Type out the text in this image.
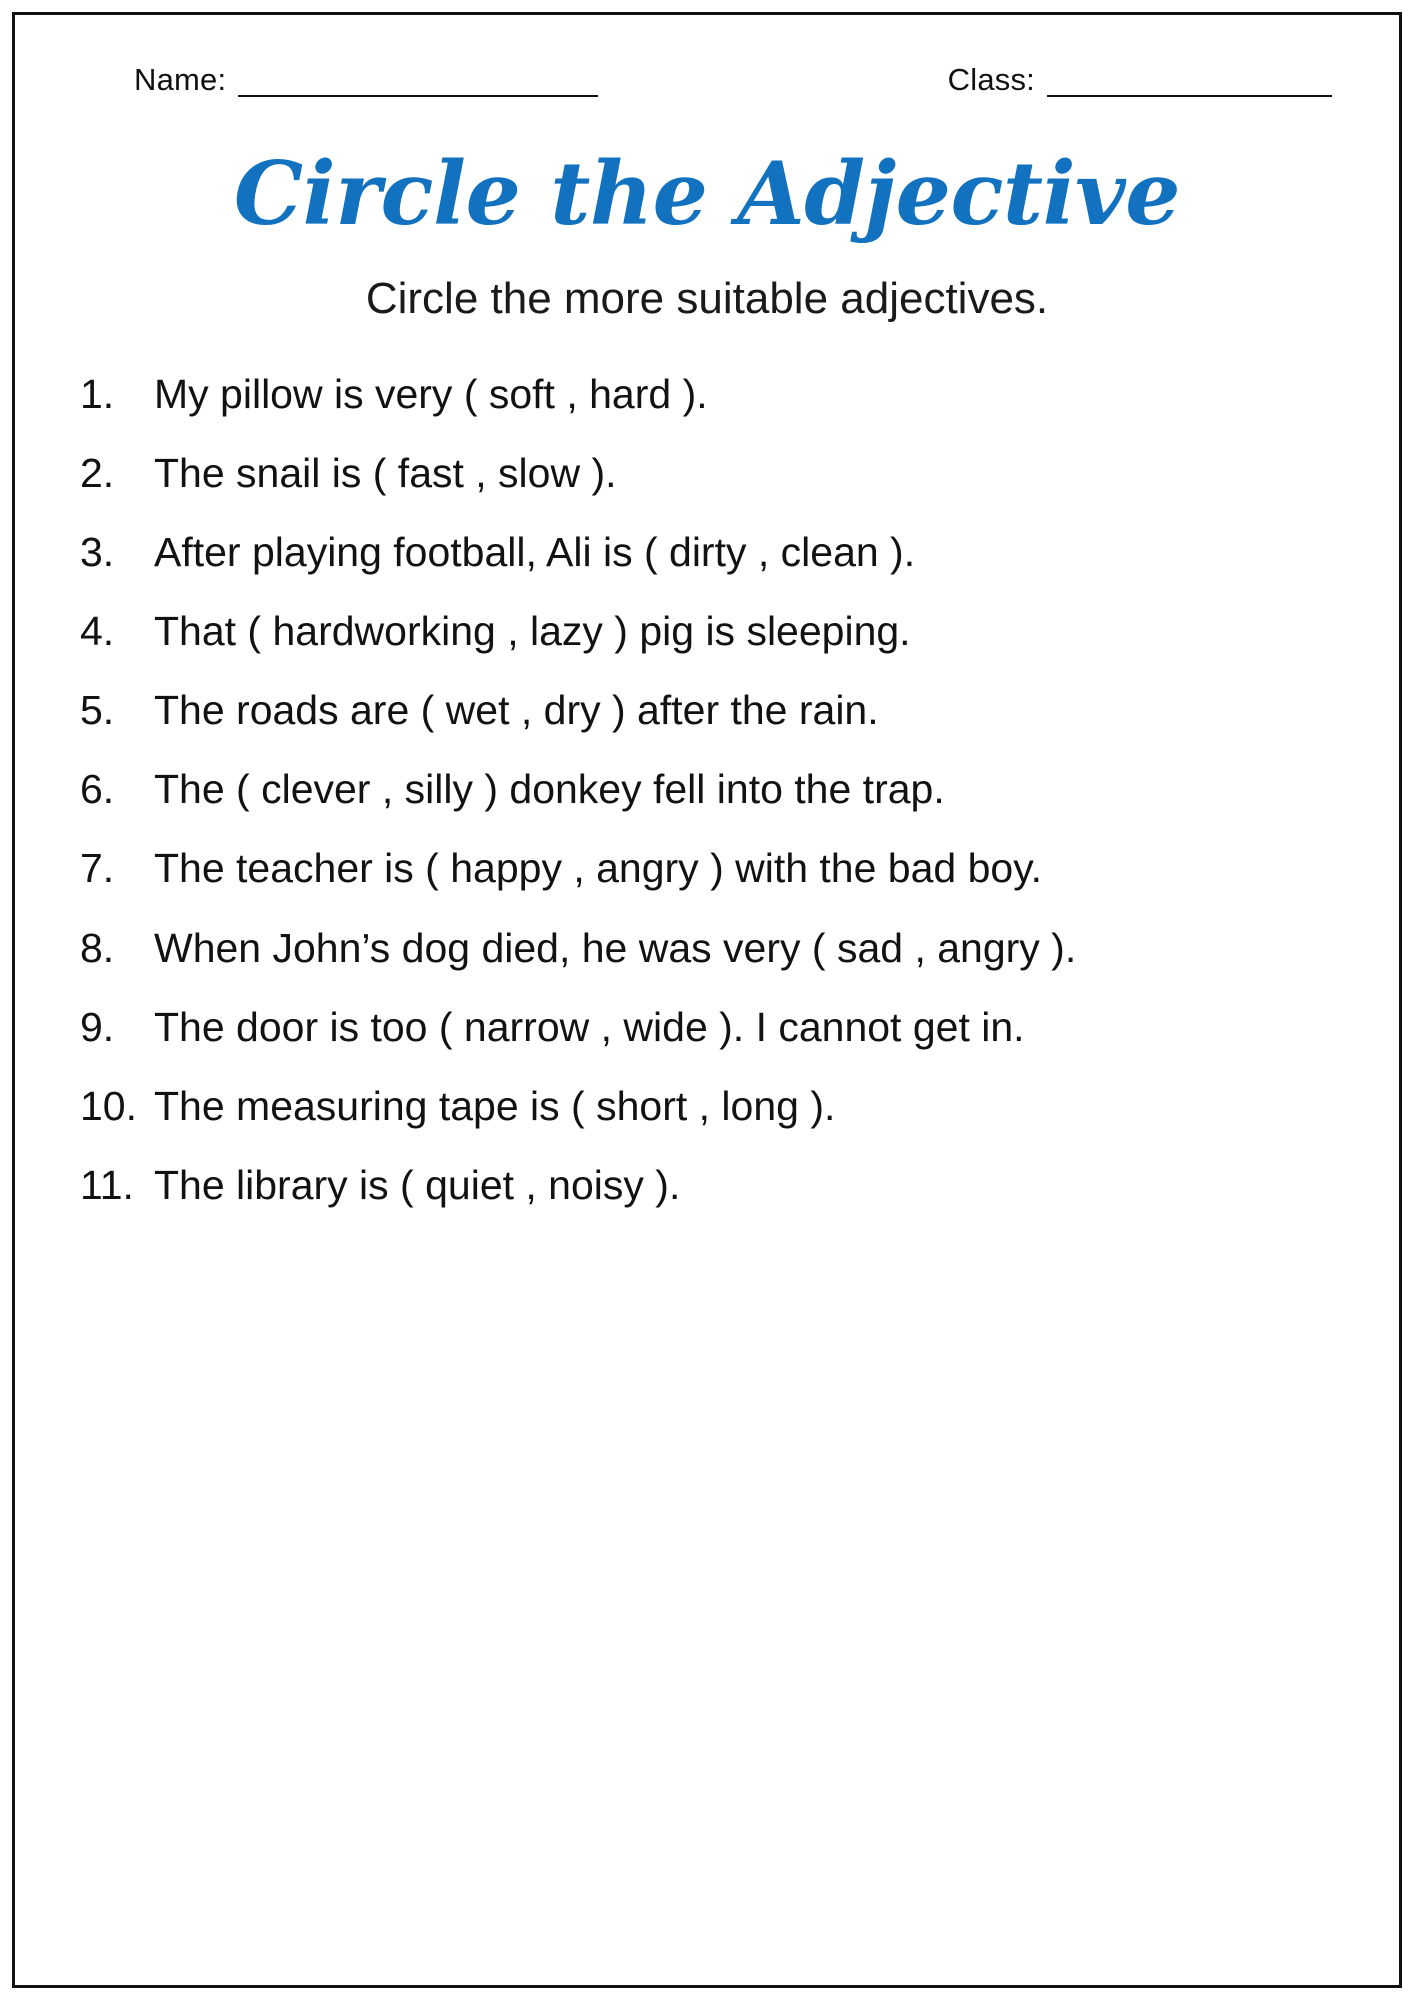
Name:	Class:
Circle the Adjective
Circle the more suitable adjectives.
1. My pillow is very ( soft , hard ).
2. The snail is ( fast , slow ).
3. After playing football, Ali is ( dirty , clean ).
4. That ( hardworking , lazy ) pig is sleeping.
5. The roads are ( wet , dry ) after the rain.
6. The ( clever , silly ) donkey fell into the trap.
7. The teacher is ( happy , angry ) with the bad boy.
8. When John’s dog died, he was very ( sad , angry ).
9. The door is too ( narrow , wide ). I cannot get in.
10. The measuring tape is ( short , long ).
11. The library is ( quiet , noisy ).
